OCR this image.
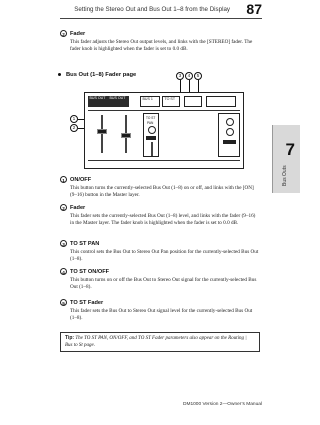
Setting the Stereo Out and Bus Out 1–8 from the Display 87
7
Bus Outs
2 Fader
This fader adjusts the Stereo Out output levels, and links with the [STEREO] fader. The fader knob is highlighted when the fader is set to 0.0 dB.
Bus Out (1–8) Fader page	3	4	5
1
2
BUS OUT	BUS OUT	BUS 1	TO ST
TO ST
PAN
1 ON/OFF
This button turns the currently-selected Bus Out (1–8) on or off, and links with the [ON] (9–16) button in the Master layer.
2 Fader
This fader sets the currently-selected Bus Out (1–8) level, and links with the fader (9–16) in the Master layer. The fader knob is highlighted when the fader is set to 0.0 dB.
3 TO ST PAN
This control sets the Bus Out to Stereo Out Pan position for the currently-selected Bus Out (1–8).
4 TO ST ON/OFF
This button turns on or off the Bus Out to Stereo Out signal for the currently-selected Bus Out (1–8).
5 TO ST Fader
This fader sets the Bus Out to Stereo Out signal level for the currently-selected Bus Out (1–8).
Tip: The TO ST PAN, ON/OFF, and TO ST Fader parameters also appear on the Routing | Bus to St page.
DM1000 Version 2—Owner’s Manual
